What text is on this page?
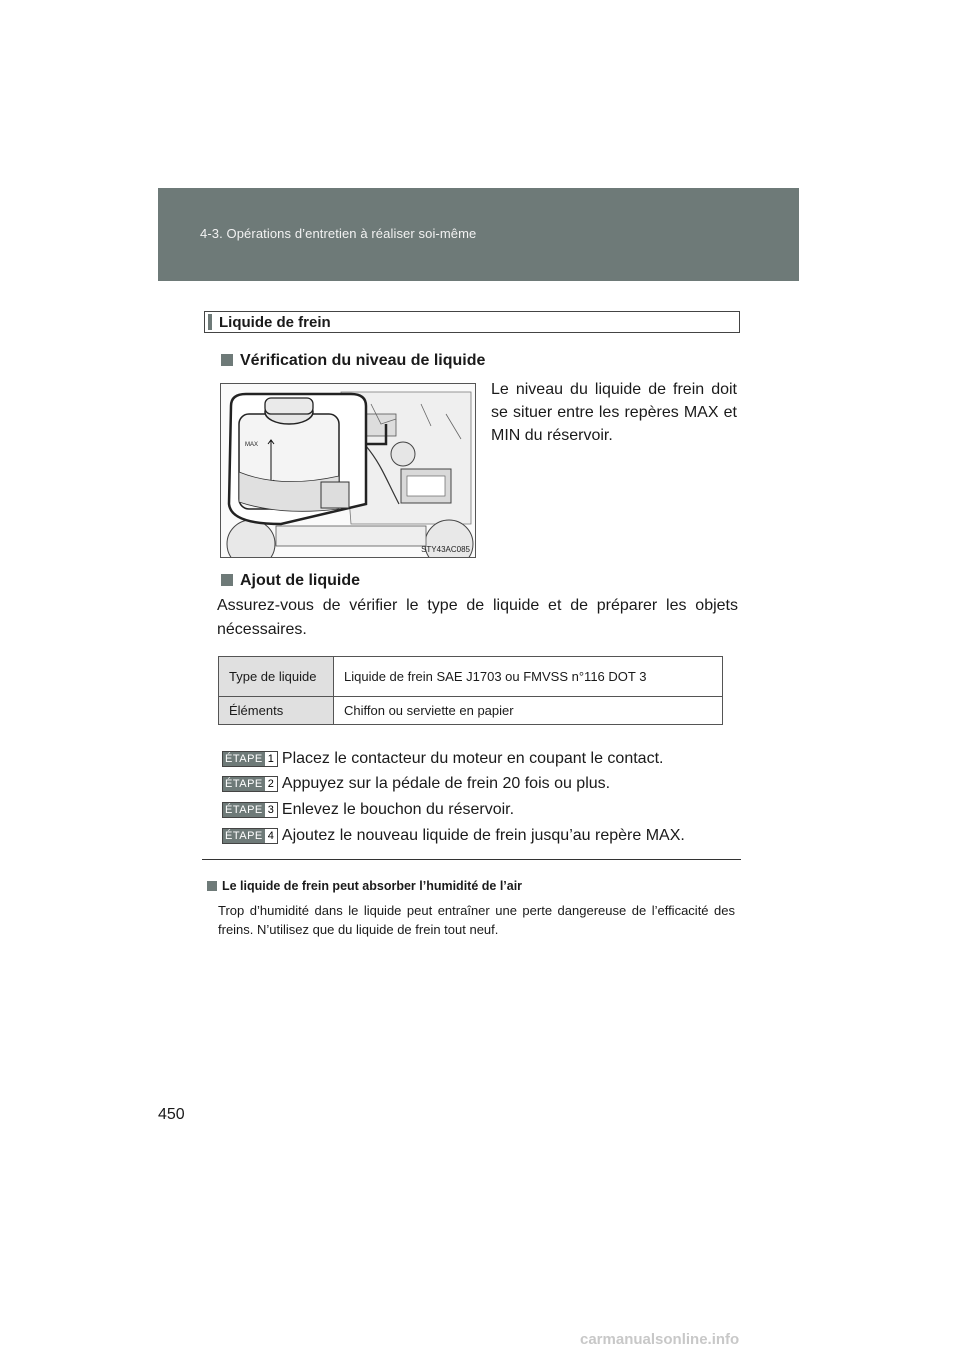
4-3. Opérations d’entretien à réaliser soi-même
Liquide de frein
Vérification du niveau de liquide
MAX
STY43AC085
Le niveau du liquide de frein doit se situer entre les repères MAX et MIN du réservoir.
Ajout de liquide
Assurez-vous de vérifier le type de liquide et de préparer les objets nécessaires.
Type de liquide	Liquide de frein SAE J1703 ou FMVSS n°116 DOT 3
Éléments	Chiffon ou serviette en papier
ÉTAPE 1 Placez le contacteur du moteur en coupant le contact.
ÉTAPE 2 Appuyez sur la pédale de frein 20 fois ou plus.
ÉTAPE 3 Enlevez le bouchon du réservoir.
ÉTAPE 4 Ajoutez le nouveau liquide de frein jusqu’au repère MAX.
Le liquide de frein peut absorber l’humidité de l’air
Trop d’humidité dans le liquide peut entraîner une perte dangereuse de l’efficacité des freins. N’utilisez que du liquide de frein tout neuf.
450
carmanualsonline.info
